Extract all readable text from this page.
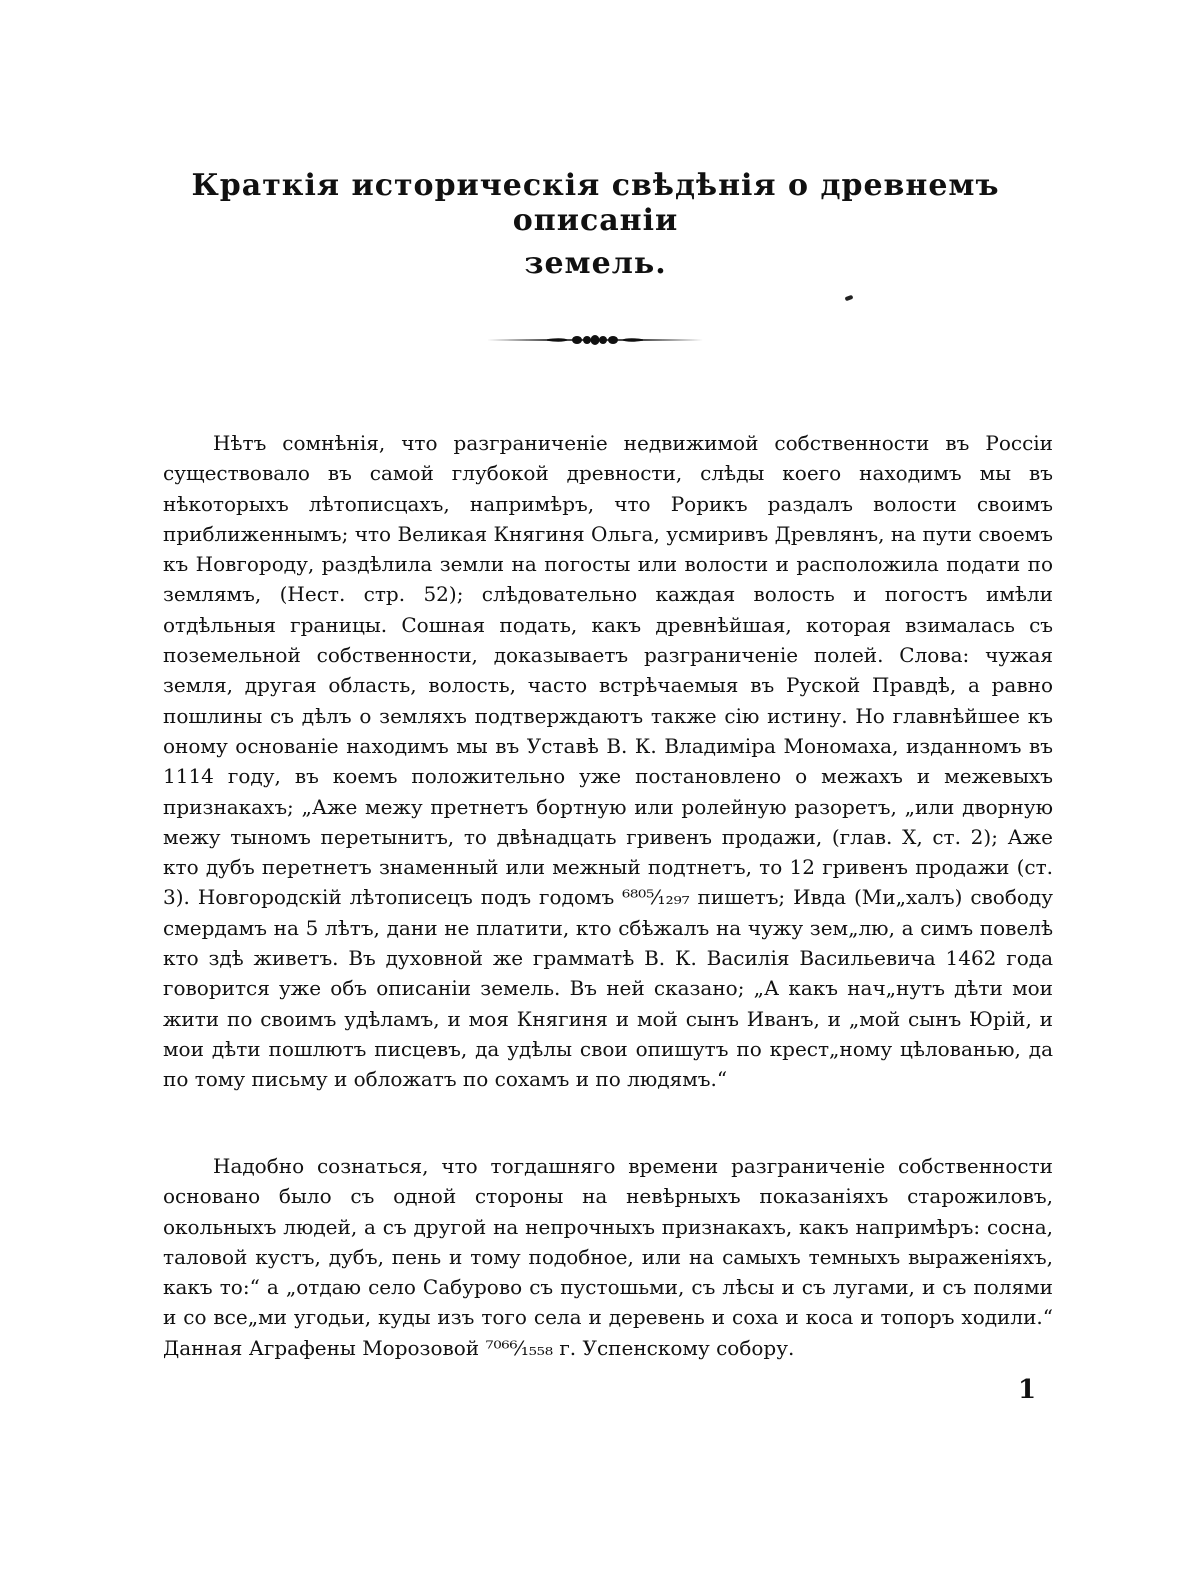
Краткія историческія свѣдѣнія о древнемъ описаніи
земель.

Нѣтъ сомнѣнія, что разграниченіе недвижимой собственности въ Россіи существовало въ самой глубокой древности, слѣды коего находимъ мы въ нѣкоторыхъ лѣтописцахъ, напримѣръ, что Рорикъ раздалъ волости своимъ приближеннымъ; что Великая Княгиня Ольга, усмиривъ Древлянъ, на пути своемъ къ Новгороду, раздѣлила земли на погосты или волости и расположила подати по землямъ, (Нест. стр. 52); слѣдовательно каждая волость и погостъ имѣли отдѣльныя границы. Сошная подать, какъ древнѣйшая, которая взималась съ поземельной собственности, доказываетъ разграниченіе полей. Слова: чужая земля, другая область, волость, часто встрѣчаемыя въ Руской Правдѣ, а равно пошлины съ дѣлъ о земляхъ подтверждаютъ также сію истину. Но главнѣйшее къ оному основаніе находимъ мы въ Уставѣ В. К. Владиміра Мономаха, изданномъ въ 1114 году, въ коемъ положительно уже постановлено о межахъ и межевыхъ признакахъ; „Аже межу претнетъ бортную или ролейную разоретъ, „или дворную межу тыномъ перетынитъ, то двѣнадцать гривенъ продажи, (глав. X, ст. 2); Аже кто дубъ перетнетъ знаменный или межный подтнетъ, то 12 гривенъ продажи (ст. 3). Новгородскій лѣтописецъ подъ годомъ ⁶⁸⁰⁵⁄₁₂₉₇ пишетъ; Ивда (Ми„халъ) свободу смердамъ на 5 лѣтъ, дани не платити, кто сбѣжалъ на чужу зем„лю, а симъ повелѣ кто здѣ живетъ. Въ духовной же грамматѣ В. К. Василія Васильевича 1462 года говорится уже объ описаніи земель. Въ ней сказано; „А какъ нач„нутъ дѣти мои жити по своимъ удѣламъ, и моя Княгиня и мой сынъ Иванъ, и „мой сынъ Юрій, и мои дѣти пошлютъ писцевъ, да удѣлы свои опишутъ по крест„ному цѣлованью, да по тому письму и обложатъ по сохамъ и по людямъ.“

Надобно сознаться, что тогдашняго времени разграниченіе собственности основано было съ одной стороны на невѣрныхъ показаніяхъ старожиловъ, окольныхъ людей, а съ другой на непрочныхъ признакахъ, какъ напримѣръ: сосна, таловой кустъ, дубъ, пень и тому подобное, или на самыхъ темныхъ выраженіяхъ, какъ то:“ а „отдаю село Сабурово съ пустошьми, съ лѣсы и съ лугами, и съ полями и со все„ми угодьи, куды изъ того села и деревень и соха и коса и топоръ ходили.“ Данная Аграфены Морозовой ⁷⁰⁶⁶⁄₁₅₅₈ г. Успенскому собору.

1
